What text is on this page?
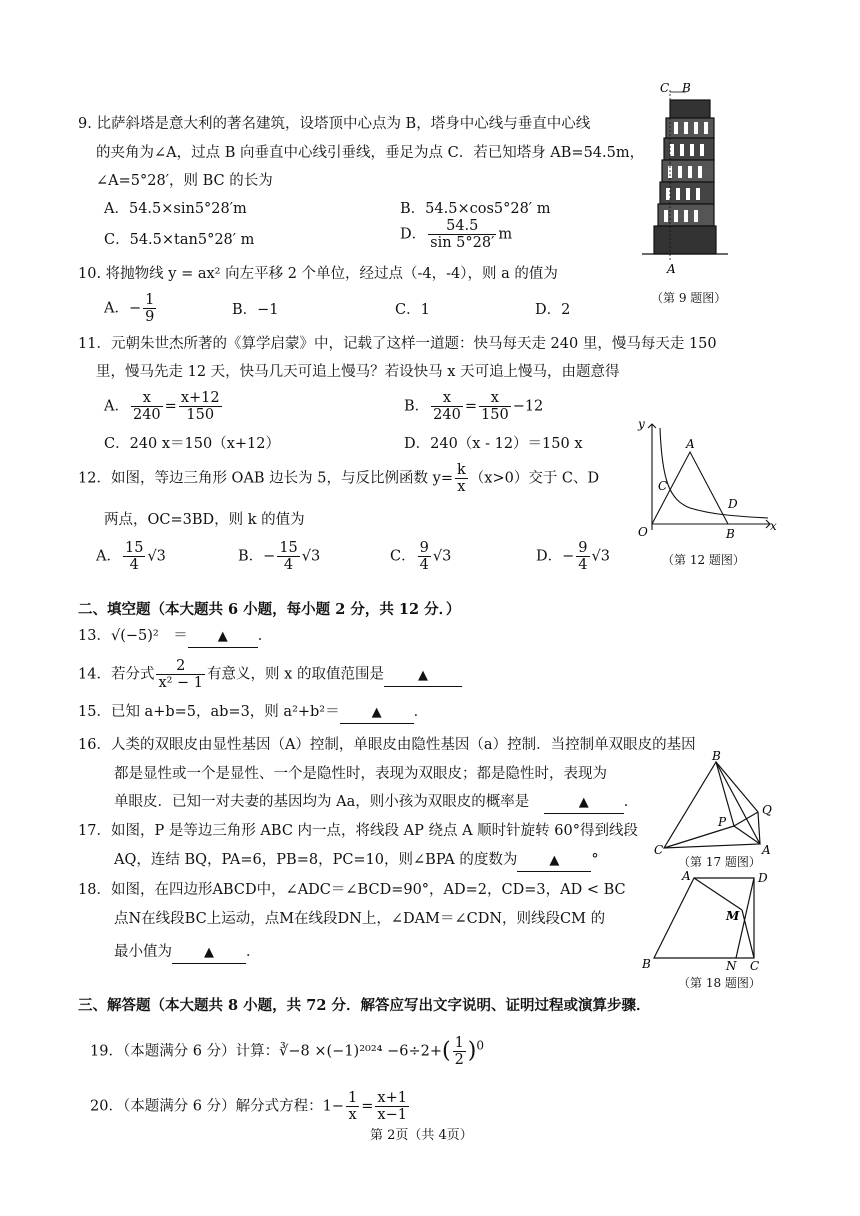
9. 比萨斜塔是意大利的著名建筑，设塔顶中心点为 B，塔身中心线与垂直中心线
的夹角为∠A，过点 B 向垂直中心线引垂线，垂足为点 C．若已知塔身 AB=54.5m，
∠A=5°28′，则 BC 的长为
A．54.5×sin5°28′m	B．54.5×cos5°28′ m
C．54.5×tan5°28′ m	D． $\frac{54.5}{\sin 5^\circ 28'}$ m
C B
A
（第 9 题图）
10. 将抛物线 y = ax² 向左平移 2 个单位，经过点（-4，-4），则 a 的值为
A．− $\frac{1}{9}$	B．−1	C．1	D．2
11．元朝朱世杰所著的《算学启蒙》中，记载了这样一道题：快马每天走 240 里，慢马每天走 150
里，慢马先走 12 天，快马几天可追上慢马？若设快马 x 天可追上慢马，由题意得
A． $\frac{x}{240} = \frac{x+12}{150}$	B． $\frac{x}{240} = \frac{x}{150} -12$
C．240 x＝150（x+12）	D．240（x - 12）＝150 x
12．如图，等边三角形 OAB 边长为 5，与反比例函数 $y= \frac{k}{x} (x>0)$交于 C、D
两点，OC=3BD，则 k 的值为
A． $\frac{15}{4} √3$	B．− $\frac{15}{4} √3$	C． $\frac{9}{4} √3$	D．− $\frac{9}{4} √3$
y
A
C
D
O	B
x
（第 12 题图）
二、填空题（本大题共 6 小题，每小题 2 分，共 12 分．）
13．√(−5)²　＝ ▲ ．
14．若分式 $\frac{2}{\text{x² − 1}}$ 有意义，则 x 的取值范围是	▲
15．已知 a+b=5，ab=3，则 a²+b²＝ ▲ ．
16．人类的双眼皮由显性基因（A）控制，单眼皮由隐性基因（a）控制．当控制单双眼皮的基因
都是显性或一个是显性、一个是隐性时，表现为双眼皮；都是隐性时，表现为
单眼皮．已知一对夫妻的基因均为 Aa，则小孩为双眼皮的概率是　	▲ ．
17．如图，P 是等边三角形 ABC 内一点，将线段 AP 绕点 A 顺时针旋转 60°得到线段
AQ，连结 BQ，PA=6，PB=8，PC=10，则∠BPA 的度数为 ▲ °
B
Q
P
C	A
（第 17 题图）
18．如图，在四边形ABCD中，∠ADC＝∠BCD=90°，AD=2，CD=3，AD < BC
点N在线段BC上运动，点M在线段DN上，∠DAM＝∠CDN，则线段CM 的
最小值为 ▲ ．
A	D
M
B	N C
（第 18 题图）
三、解答题（本大题共 8 小题，共 72 分．解答应写出文字说明、证明过程或演算步骤．
19．（本题满分 6 分）计算：∛−8 $\times(-1)^{2024} -6\div 2+( \frac{1}{2} )^0$
20．（本题满分 6 分）解分式方程：$1- \frac{1}{x} = \frac{x+1}{x-1}$
第 2页（共 4页）
